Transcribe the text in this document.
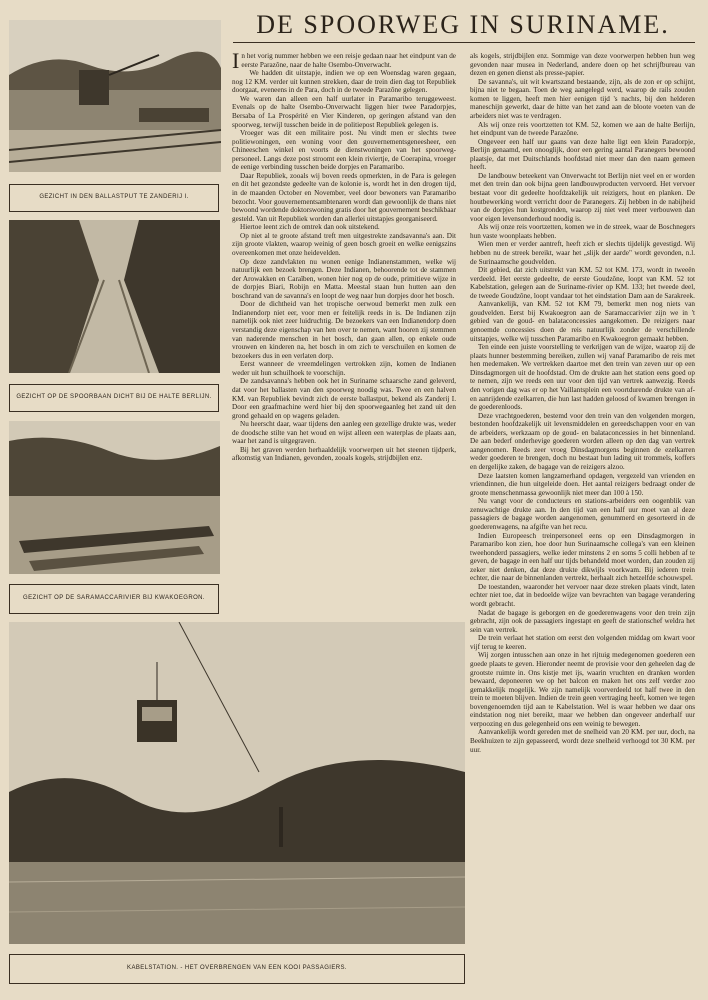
DE SPOORWEG IN SURINAME.
GEZICHT IN DEN BALLASTPUT TE ZANDERIJ I.
GEZICHT OP DE SPOORBAAN DICHT BIJ DE HALTE BERLIJN.
GEZICHT OP DE SARAMACCARIVIER BIJ KWAKOEGRON.
KABELSTATION. - HET OVERBRENGEN VAN EEN KOOI PASSAGIERS.

In het vorig nummer hebben we een reisje gedaan naar het eindpunt van de eerste Parazône, naar de halte Osembo-Onverwacht.

We hadden dit uitstapje, indien we op een Woensdag waren gegaan, nog 12 KM. verder uit kunnen strekken, daar de trein dien dag tot Republiek doorgaat, eveneens in de Para, doch in de tweede Parazône gelegen.

We waren dan alleen een half uurlater in Paramaribo teruggeweest. Evenals op de halte Osembo-Onverwacht liggen hier twee Paradorpjes, Bersaba of La Prospérité en Vier Kinderen, op geringen afstand van den spoorweg, terwijl tusschen beide in de politiepost Republiek gelegen is.

Vroeger was dit een militaire post. Nu vindt men er slechts twee politiewoningen, een woning voor den gouvernementsgeneesheer, een Chineeschen winkel en voorts de dienstwoningen van het spoorweg-personeel. Langs deze post stroomt een klein riviertje, de Coerapina, vroeger de eenige verbinding tusschen beide dorpjes en Paramaribo.

Daar Republiek, zooals wij boven reeds opmerkten, in de Para is gelegen en dit het gezondste gedeelte van de kolonie is, wordt het in den drogen tijd, in de maanden October en November, veel door bewoners van Paramaribo bezocht. Voor gouvernementsambtenaren wordt dan gewoonlijk de thans niet bewoond wordende doktorswoning gratis door het gouvernement beschikbaar gesteld. Van uit Republiek worden dan allerlei uitstapjes georganiseerd.

Hiertoe leent zich de omtrek dan ook uitstekend.

Op niet al te groote afstand treft men uitgestrekte zandsavanna's aan. Dit zijn groote vlakten, waarop weinig of geen bosch groeit en welke eenigszins overeenkomen met onze heidevelden.

Op deze zandvlakten nu wonen eenige Indianenstammen, welke wij natuurlijk een bezoek brengen. Deze Indianen, behoorende tot de stammen der Arowakken en Caraïben, wonen hier nog op de oude, primitieve wijze in de dorpjes Biari, Robijn en Matta. Meestal staan hun hutten aan den boschrand van de savanna's en loopt de weg naar hun dorpjes door het bosch.

Door de dichtheid van het tropische oerwoud bemerkt men zulk een Indianendorp niet eer, voor men er feitelijk reeds in is. De Indianen zijn namelijk ook niet zeer luidruchtig. De bezoekers van een Indianendorp doen verstandig deze eigenschap van hen over te nemen, want hooren zij stemmen van naderende menschen in het bosch, dan gaan allen, op enkele oude vrouwen en kinderen na, het bosch in om zich te verschuilen en komen de bezoekers dus in een verlaten dorp.

Eerst wanneer de vreemdelingen vertrokken zijn, komen de Indianen weder uit hun schuilhoek te voorschijn.

De zandsavanna's hebben ook het in Suriname schaarsche zand geleverd, dat voor het ballasten van den spoorweg noodig was. Twee en een halven KM. van Republiek bevindt zich de eerste ballastput, bekend als Zanderij I. Door een graafmachine werd hier bij den spoorwegaanleg het zand uit den grond gehaald en op wagens geladen.

Nu heerscht daar, waar tijdens den aanleg een gezellige drukte was, weder de doodsche stilte van het woud en wijst alleen een waterplas de plaats aan, waar het zand is uitgegraven.

Bij het graven werden herhaaldelijk voorwerpen uit het steenen tijdperk, afkomstig van Indianen, gevonden, zooals kogels, strijdbijlen enz.

als kogels, strijdbijlen enz. Sommige van deze voorwerpen hebben hun weg gevonden naar musea in Nederland, andere doen op het schrijfbureau van dezen en genen dienst als presse-papier.

De savanna's, uit wit kwartszand bestaande, zijn, als de zon er op schijnt, bijna niet te begaan. Toen de weg aangelegd werd, waarop de rails zouden komen te liggen, heeft men hier eenigen tijd 's nachts, bij den helderen maneschijn gewerkt, daar de hitte van het zand aan de bloote voeten van de arbeiders niet was te verdragen.

Als wij onze reis voortzetten tot KM. 52, komen we aan de halte Berlijn, het eindpunt van de tweede Parazône.

Ongeveer een half uur gaans van deze halte ligt een klein Paradorpje, Berlijn genaamd, een onooglijk, door een gering aantal Paranegers bewoond plaatsje, dat met Duitschlands hoofdstad niet meer dan den naam gemeen heeft.

De landbouw beteekent van Onverwacht tot Berlijn niet veel en er worden met den trein dan ook bijna geen landbouwproducten vervoerd. Het vervoer bestaat voor dit gedeelte hoofdzakelijk uit reizigers, hout en planken. De houtbewerking wordt verricht door de Paranegers. Zij hebben in de nabijheid van de dorpjes hun kostgronden, waarop zij niet veel meer verbouwen dan voor eigen levensonderhoud noodig is.

Als wij onze reis voortzetten, komen we in de streek, waar de Boschnegers hun vaste woonplaats hebben.

Wien men er verder aantreft, heeft zich er slechts tijdelijk gevestigd. Wij hebben nu de streek bereikt, waar het „slijk der aarde" wordt gevonden, n.l. de Surinaamsche goudvelden.

Dit gebied, dat zich uitstrekt van KM. 52 tot KM. 173, wordt in tweeën verdeeld. Het eerste gedeelte, de eerste Goudzône, loopt van KM. 52 tot Kabelstation, gelegen aan de Suriname-rivier op KM. 133; het tweede deel, de tweede Goudzône, loopt vandaar tot het eindstation Dam aan de Sarakreek.

Aanvankelijk, van KM. 52 tot KM 79, bemerkt men nog niets van goudvelden. Eerst bij Kwakoegron aan de Saramaccarivier zijn we in 't gebied van de goud- en balataconcessies aangekomen. De reizigers naar genoemde concessies doen de reis natuurlijk zonder de verschillende uitstapjes, welke wij tusschen Paramaribo en Kwakoegron gemaakt hebben.

Ten einde een juiste voorstelling te verkrijgen van de wijze, waarop zij de plaats hunner bestemming bereiken, zullen wij vanaf Paramaribo de reis met hen medemaken. We vertrekken daartoe met den trein van zeven uur op een Dinsdagmorgen uit de hoofdstad. Om de drukte aan het station eens goed op te nemen, zijn we reeds een uur voor den tijd van vertrek aanwezig. Reeds den vorigen dag was er op het Vaillantsplein een voortdurende drukte van af- en aanrijdende ezelkarren, die hun last hadden geloosd of kwamen brengen in de goederenloods.

Deze vrachtgoederen, bestemd voor den trein van den volgenden morgen, bestonden hoofdzakelijk uit levensmiddelen en gereedschappen voor en van de arbeiders, werkzaam op de goud- en balataconcessies in het binnenland. De aan bederf onderhevige goederen worden alleen op den dag van vertrek aangenomen. Reeds zeer vroeg Dinsdagmorgens beginnen de ezelkarren weder goederen te brengen, doch nu bestaat hun lading uit trommels, koffers en dergelijke zaken, de bagage van de reizigers alzoo.

Deze laatsten komen langzamerhand opdagen, vergezeld van vrienden en vriendinnen, die hun uitgeleide doen. Het aantal reizigers bedraagt onder de groote menschenmassa gewoonlijk niet meer dan 100 à 150.

Nu vangt voor de conducteurs en stations-arbeiders een oogenblik van zenuwachtige drukte aan. In den tijd van een half uur moet van al deze passagiers de bagage worden aangenomen, genummerd en gesorteerd in de goederenwagens, na afgifte van het recu.

Indien Europeesch treinpersoneel eens op een Dinsdagmorgen in Paramaribo kon zien, hoe door hun Surinaamsche collega's van een kleinen tweehonderd passagiers, welke ieder minstens 2 en soms 5 colli hebben af te geven, de bagage in een half uur tijds behandeld moet worden, dan zouden zij zeker niet denken, dat deze drukte dikwijls voorkwam. Bij iederen trein echter, die naar de binnenlanden vertrekt, herhaalt zich hetzelfde schouwspel.

De toestanden, waaronder het vervoer naar deze streken plaats vindt, laten echter niet toe, dat in bedoelde wijze van bevrachten van bagage verandering wordt gebracht.

Nadat de bagage is geborgen en de goederenwagens voor den trein zijn gebracht, zijn ook de passagiers ingestapt en geeft de stationschef weldra het sein van vertrek.

De trein verlaat het station om eerst den volgenden middag om kwart voor vijf terug te keeren.

Wij zorgen intusschen aan onze in het rijtuig medegenomen goederen een goede plaats te geven. Hieronder neemt de provisie voor den geheelen dag de grootste ruimte in. Ons kistje met ijs, waarin vruchten en dranken worden bewaard, deponeeren we op het balcon en maken het ons zelf verder zoo gemakkelijk mogelijk. We zijn namelijk voorverdeeld tot half twee in den trein te moeten blijven. Indien de trein geen vertraging heeft, komen we tegen bovengenoemden tijd aan te Kabelstation. Wel is waar hebben we daar ons eindstation nog niet bereikt, maar we hebben dan ongeveer anderhalf uur verpoozing en dus gelegenheid ons een weinig te bewegen.

Aanvankelijk wordt gereden met de snelheid van 20 KM. per uur, doch, na Beekhuizen te zijn gepasseerd, wordt deze snelheid verhoogd tot 30 KM. per uur.
